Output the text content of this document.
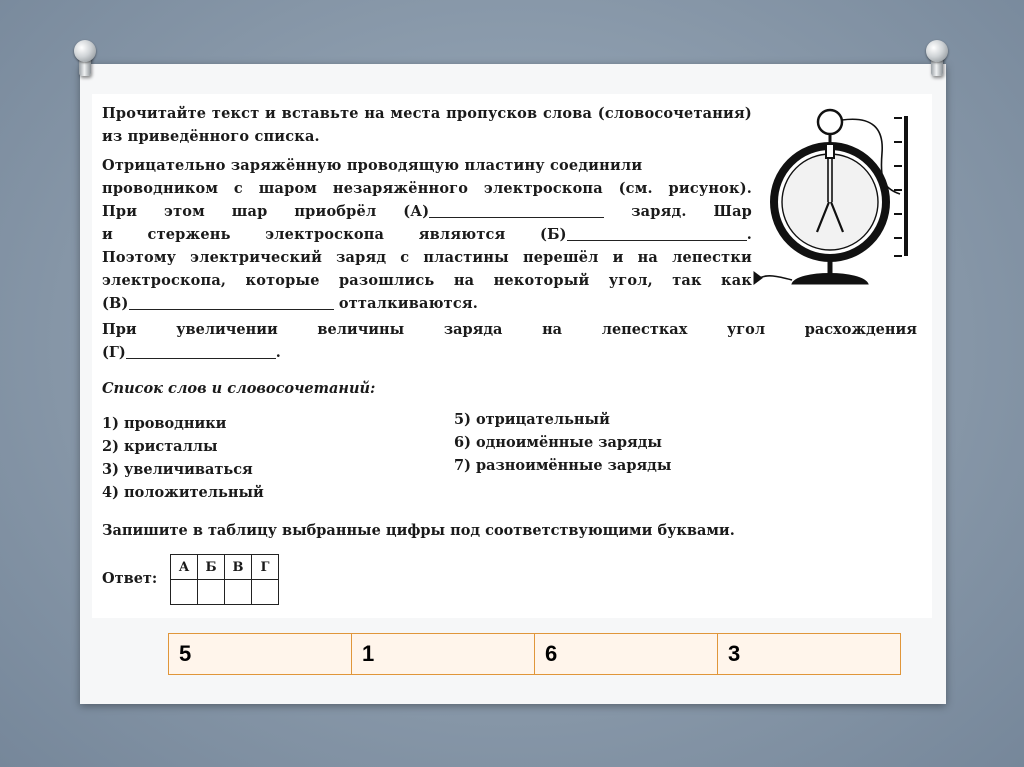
Прочитайте текст и вставьте на места пропусков слова (словосочетания) из приведённого списка.

Отрицательно заряжённую проводящую пластину соединили

проводником с шаром незаряжённого электроскопа (см. рисунок).

При этом шар приобрёл (А)	заряд. Шар

и стержень электроскопа являются (Б)	.

Поэтому электрический заряд с пластины перешёл и на лепестки

электроскопа, которые разошлись на некоторый угол, так как

(В)	отталкиваются.

При увеличении величины заряда на лепестках угол расхождения

(Г)	.

Список слов и словосочетаний:
1) проводники
2) кристаллы
3) увеличиваться
4) положительный
5) отрицательный
6) одноимённые заряды
7) разноимённые заряды
Запишите в таблицу выбранные цифры под соответствующими буквами.
Ответ:
А	Б	В	Г

5	1	6	3
